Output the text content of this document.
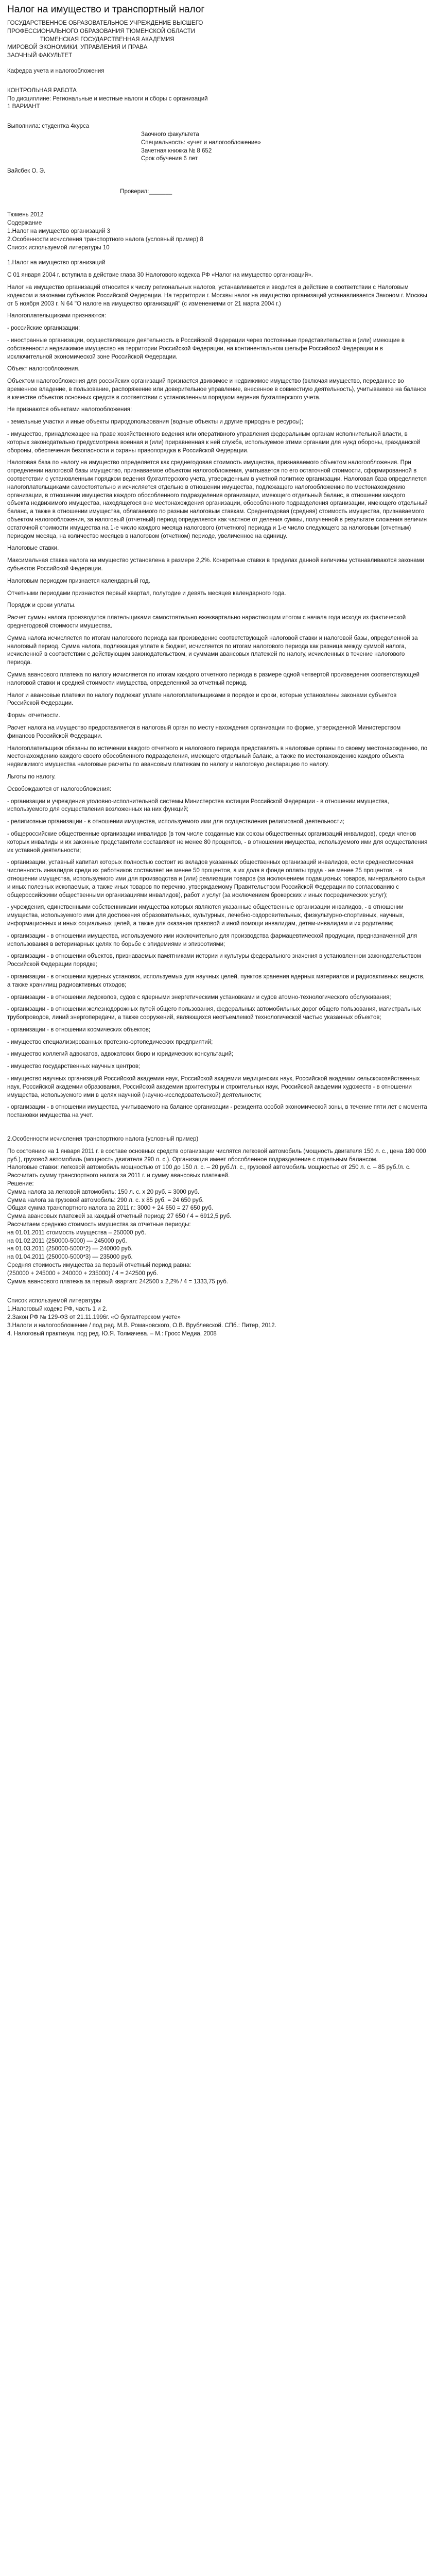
Налог на имущество и транспортный налог
ГОСУДАРСТВЕННОЕ ОБРАЗОВАТЕЛЬНОЕ УЧРЕЖДЕНИЕ ВЫСШЕГО
ПРОФЕССИОНАЛЬНОГО ОБРАЗОВАНИЯ ТЮМЕНСКОЙ ОБЛАСТИ
ТЮМЕНСКАЯ ГОСУДАРСТВЕННАЯ АКАДЕМИЯ
МИРОВОЙ ЭКОНОМИКИ, УПРАВЛЕНИЯ И ПРАВА
ЗАОЧНЫЙ ФАКУЛЬТЕТ
Кафедра учета и налогообложения
КОНТРОЛЬНАЯ РАБОТА
По дисциплине: Региональные и местные налоги и сборы с организаций
1 ВАРИАНТ
Выполнила: студентка 4курса
Заочного факультета
Специальность: «учет и налогообложение»
Зачетная книжка № 8 652
Срок обучения 6 лет
Вайсбек О. Э.

Проверил:_______

Тюмень 2012
Содержание
1.Налог на имущество организаций 3
2.Особенности исчисления транспортного налога (условный пример) 8
Список используемой литературы 10
1.Налог на имущество организаций
С 01 января 2004 г. вступила в действие глава 30 Налогового кодекса РФ «Налог на имущество организаций».
Налог на имущество организаций относится к числу региональных налогов, устанавливается и вводится в действие в соответствии с Налоговым кодексом и законами субъектов Российской Федерации. На территории г. Москвы налог на имущество организаций устанавливается Законом г. Москвы от 5 ноября 2003 г. N 64 "О налоге на имущество организаций" (с изменениями от 21 марта 2004 г.)
Налогоплательщиками признаются:
- российские организации;
- иностранные организации, осуществляющие деятельность в Российской Федерации через постоянные представительства и (или) имеющие в собственности недвижимое имущество на территории Российской Федерации, на континентальном шельфе Российской Федерации и в исключительной экономической зоне Российской Федерации.
Объект налогообложения.
Объектом налогообложения для российских организаций признается движимое и недвижимое имущество (включая имущество, переданное во временное владение, в пользование, распоряжение или доверительное управление, внесенное в совместную деятельность), учитываемое на балансе в качестве объектов основных средств в соответствии с установленным порядком ведения бухгалтерского учета.
Не признаются объектами налогообложения:
- земельные участки и иные объекты природопользования (водные объекты и другие природные ресурсы);
- имущество, принадлежащее на праве хозяйственного ведения или оперативного управления федеральным органам исполнительной власти, в которых законодательно предусмотрена военная и (или) приравненная к ней служба, используемое этими органами для нужд обороны, гражданской обороны, обеспечения безопасности и охраны правопорядка в Российской Федерации.
Налоговая база по налогу на имущество определяется как среднегодовая стоимость имущества, признаваемого объектом налогообложения. При определении налоговой базы имущество, признаваемое объектом налогообложения, учитывается по его остаточной стоимости, сформированной в соответствии с установленным порядком ведения бухгалтерского учета, утвержденным в учетной политике организации. Налоговая база определяется налогоплательщиками самостоятельно и исчисляется отдельно в отношении имущества, подлежащего налогообложению по местонахождению организации, в отношении имущества каждого обособленного подразделения организации, имеющего отдельный баланс, в отношении каждого объекта недвижимого имущества, находящегося вне местонахождения организации, обособленного подразделения организации, имеющего отдельный баланс, а также в отношении имущества, облагаемого по разным налоговым ставкам. Среднегодовая (средняя) стоимость имущества, признаваемого объектом налогообложения, за налоговый (отчетный) период определяется как частное от деления суммы, полученной в результате сложения величин остаточной стоимости имущества на 1-е число каждого месяца налогового (отчетного) периода и 1-е число следующего за налоговым (отчетным) периодом месяца, на количество месяцев в налоговом (отчетном) периоде, увеличенное на единицу.
Налоговые ставки.
Максимальная ставка налога на имущество установлена в размере 2,2%. Конкретные ставки в пределах данной величины устанавливаются законами субъектов Российской Федерации.
Налоговым периодом признается календарный год.
Отчетными периодами признаются первый квартал, полугодие и девять месяцев календарного года.
Порядок и сроки уплаты.
Расчет суммы налога производится плательщиками самостоятельно ежеквартально нарастающим итогом с начала года исходя из фактической среднегодовой стоимости имущества.
Сумма налога исчисляется по итогам налогового периода как произведение соответствующей налоговой ставки и налоговой базы, определенной за налоговый период. Сумма налога, подлежащая уплате в бюджет, исчисляется по итогам налогового периода как разница между суммой налога, исчисленной в соответствии с действующим законодательством, и суммами авансовых платежей по налогу, исчисленных в течение налогового периода.
Сумма авансового платежа по налогу исчисляется по итогам каждого отчетного периода в размере одной четвертой произведения соответствующей налоговой ставки и средней стоимости имущества, определенной за отчетный период.
Налог и авансовые платежи по налогу подлежат уплате налогоплательщиками в порядке и сроки, которые установлены законами субъектов Российской Федерации.
Формы отчетности.
Расчет налога на имущество предоставляется в налоговый орган по месту нахождения организации по форме, утвержденной Министерством финансов Российской Федерации.
Налогоплательщики обязаны по истечении каждого отчетного и налогового периода представлять в налоговые органы по своему местонахождению, по местонахождению каждого своего обособленного подразделения, имеющего отдельный баланс, а также по местонахождению каждого объекта недвижимого имущества налоговые расчеты по авансовым платежам по налогу и налоговую декларацию по налогу.
Льготы по налогу.
Освобождаются от налогообложения:
- организации и учреждения уголовно-исполнительной системы Министерства юстиции Российской Федерации - в отношении имущества, используемого для осуществления возложенных на них функций;
- религиозные организации - в отношении имущества, используемого ими для осуществления религиозной деятельности;
- общероссийские общественные организации инвалидов (в том числе созданные как союзы общественных организаций инвалидов), среди членов которых инвалиды и их законные представители составляют не менее 80 процентов, - в отношении имущества, используемого ими для осуществления их уставной деятельности;
- организации, уставный капитал которых полностью состоит из вкладов указанных общественных организаций инвалидов, если среднесписочная численность инвалидов среди их работников составляет не менее 50 процентов, а их доля в фонде оплаты труда - не менее 25 процентов, - в отношении имущества, используемого ими для производства и (или) реализации товаров (за исключением подакцизных товаров, минерального сырья и иных полезных ископаемых, а также иных товаров по перечню, утверждаемому Правительством Российской Федерации по согласованию с общероссийскими общественными организациями инвалидов), работ и услуг (за исключением брокерских и иных посреднических услуг);
- учреждения, единственными собственниками имущества которых являются указанные общественные организации инвалидов, - в отношении имущества, используемого ими для достижения образовательных, культурных, лечебно-оздоровительных, физкультурно-спортивных, научных, информационных и иных социальных целей, а также для оказания правовой и иной помощи инвалидам, детям-инвалидам и их родителям;
- организации - в отношении имущества, используемого ими исключительно для производства фармацевтической продукции, предназначенной для использования в ветеринарных целях по борьбе с эпидемиями и эпизоотиями;
- организации - в отношении объектов, признаваемых памятниками истории и культуры федерального значения в установленном законодательством Российской Федерации порядке;
- организации - в отношении ядерных установок, используемых для научных целей, пунктов хранения ядерных материалов и радиоактивных веществ, а также хранилищ радиоактивных отходов;
- организации - в отношении ледоколов, судов с ядерными энергетическими установками и судов атомно-технологического обслуживания;
- организации - в отношении железнодорожных путей общего пользования, федеральных автомобильных дорог общего пользования, магистральных трубопроводов, линий энергопередачи, а также сооружений, являющихся неотъемлемой технологической частью указанных объектов;
- организации - в отношении космических объектов;
- имущество специализированных протезно-ортопедических предприятий;
- имущество коллегий адвокатов, адвокатских бюро и юридических консультаций;
- имущество государственных научных центров;
- имущество научных организаций Российской академии наук, Российской академии медицинских наук, Российской академии сельскохозяйственных наук, Российской академии образования, Российской академии архитектуры и строительных наук, Российской академии художеств - в отношении имущества, используемого ими в целях научной (научно-исследовательской) деятельности;
- организации - в отношении имущества, учитываемого на балансе организации - резидента особой экономической зоны, в течение пяти лет с момента постановки имущества на учет.
2.Особенности исчисления транспортного налога (условный пример)
По состоянию на 1 января 2011 г. в составе основных средств организации числятся легковой автомобиль (мощность двигателя 150 л. с., цена 180 000 руб.), грузовой автомобиль (мощность двигателя 290 л. с.). Организация имеет обособленное подразделение с отдельным балансом.
Налоговые ставки: легковой автомобиль мощностью от 100 до 150 л. с. – 20 руб./л. с., грузовой автомобиль мощностью от 250 л. с. – 85 руб./л. с.
Рассчитать сумму транспортного налога за 2011 г. и сумму авансовых платежей.
Решение:
Сумма налога за легковой автомобиль: 150 л. с. х 20 руб. = 3000 руб.
Сумма налога за грузовой автомобиль: 290 л. с. х 85 руб. = 24 650 руб.
Общая сумма транспортного налога за 2011 г.: 3000 + 24 650 = 27 650 руб.
Сумма авансовых платежей за каждый отчетный период: 27 650 / 4 = 6912,5 руб.
Рассчитаем среднюю стоимость имущества за отчетные периоды:
на 01.01.2011 стоимость имущества – 250000 руб.
на 01.02.2011 (250000-5000) — 245000 руб.
на 01.03.2011 (250000-5000*2) — 240000 руб.
на 01.04.2011 (250000-5000*3) — 235000 руб.
Средняя стоимость имущества за первый отчетный период равна:
(250000 + 245000 + 240000 + 235000) / 4 = 242500 руб.
Сумма авансового платежа за первый квартал: 242500 х 2,2% / 4 = 1333,75 руб.
Список используемой литературы
1.Налоговый кодекс РФ, часть 1 и 2.
2.Закон РФ № 129-ФЗ от 21.11.1996г. «О бухгалтерском учете»
3.Налоги и налогообложение / под ред. М.В. Романовского, О.В. Врублевской. СПб.: Питер, 2012.
4. Налоговый практикум. под ред. Ю.Я. Толмачева. – М.: Гросс Медиа, 2008
